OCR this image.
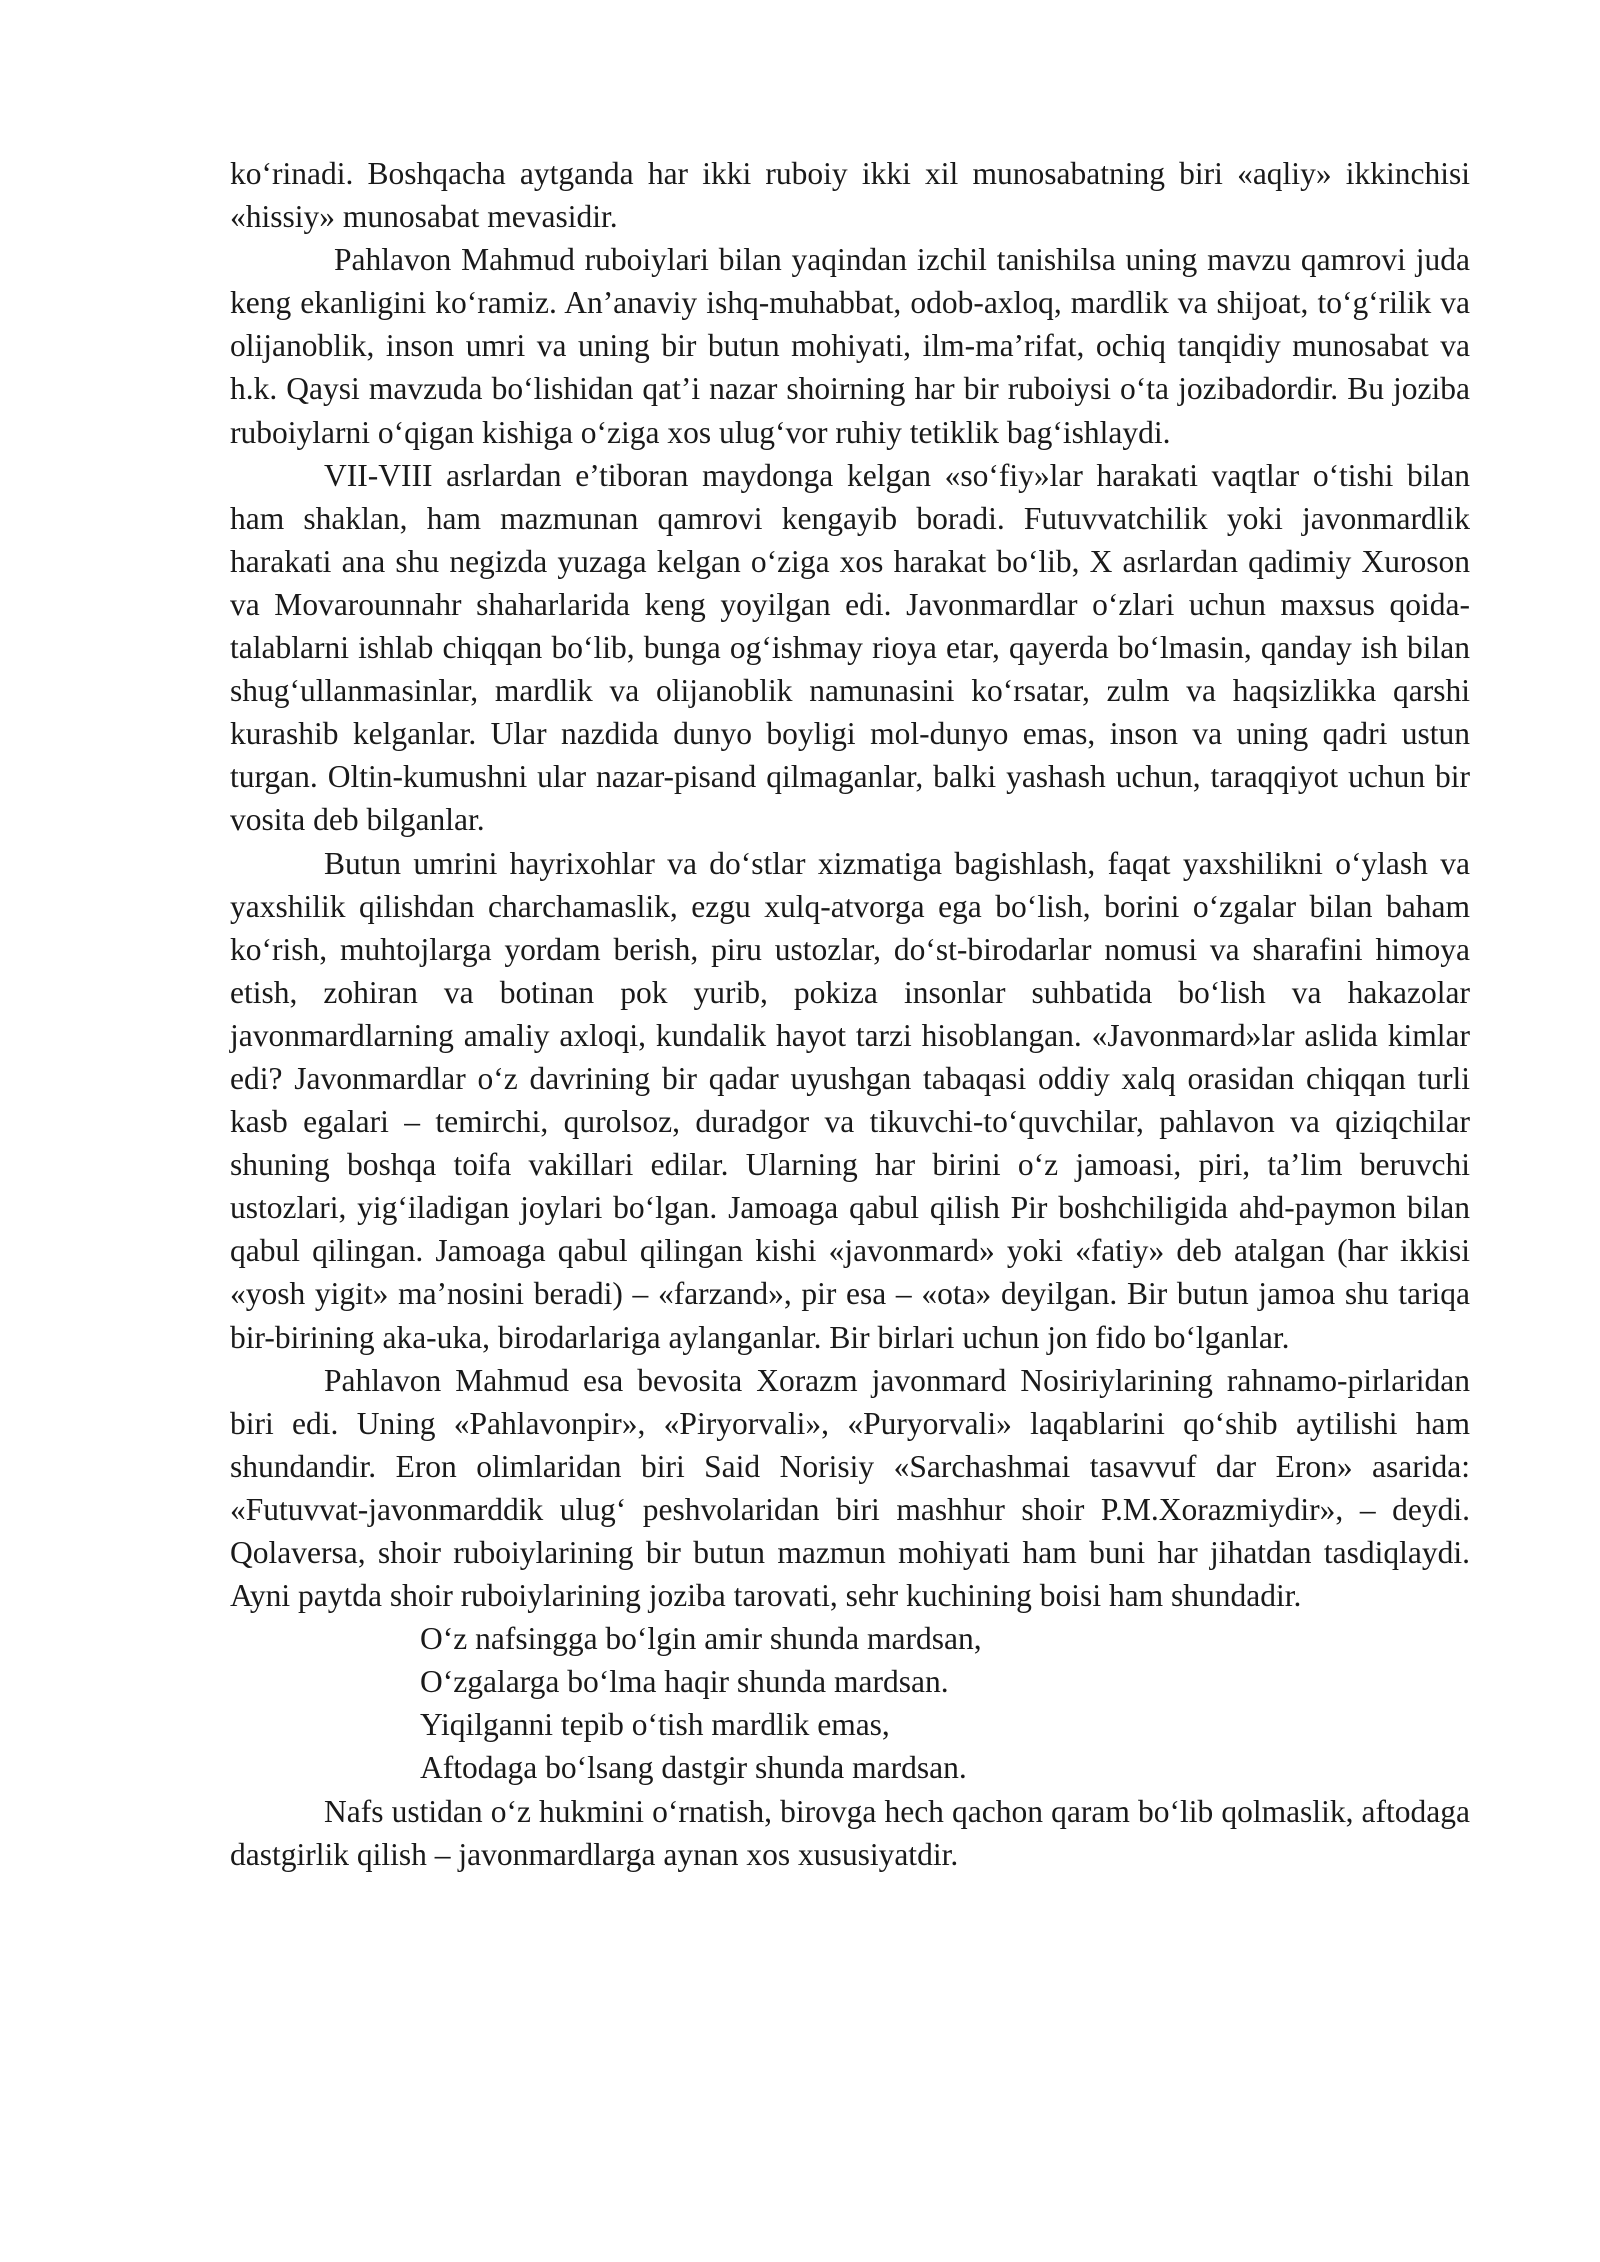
ko‘rinadi. Boshqacha aytganda har ikki ruboiy ikki xil munosabatning biri «aqliy» ikkinchisi «hissiy» munosabat mevasidir.

Pahlavon Mahmud ruboiylari bilan yaqindan izchil tanishilsa uning mavzu qamrovi juda keng ekanligini ko‘ramiz. An’anaviy ishq-muhabbat, odob-axloq, mardlik va shijoat, to‘g‘rilik va olijanoblik, inson umri va uning bir butun mohiyati, ilm-ma’rifat, ochiq tanqidiy munosabat va h.k. Qaysi mavzuda bo‘lishidan qat’i nazar shoirning har bir ruboiysi o‘ta jozibadordir. Bu joziba ruboiylarni o‘qigan kishiga o‘ziga xos ulug‘vor ruhiy tetiklik bag‘ishlaydi.

VII-VIII asrlardan e’tiboran maydonga kelgan «so‘fiy»lar harakati vaqtlar o‘tishi bilan ham shaklan, ham mazmunan qamrovi kengayib boradi. Futuvvatchilik yoki javonmardlik harakati ana shu negizda yuzaga kelgan o‘ziga xos harakat bo‘lib, X asrlardan qadimiy Xuroson va Movarounnahr shaharlarida keng yoyilgan edi. Javonmardlar o‘zlari uchun maxsus qoida-talablarni ishlab chiqqan bo‘lib, bunga og‘ishmay rioya etar, qayerda bo‘lmasin, qanday ish bilan shug‘ullanmasinlar, mardlik va olijanoblik namunasini ko‘rsatar, zulm va haqsizlikka qarshi kurashib kelganlar. Ular nazdida dunyo boyligi mol-dunyo emas, inson va uning qadri ustun turgan. Oltin-kumushni ular nazar-pisand qilmaganlar, balki yashash uchun, taraqqiyot uchun bir vosita deb bilganlar.

Butun umrini hayrixohlar va do‘stlar xizmatiga bagishlash, faqat yaxshilikni o‘ylash va yaxshilik qilishdan charchamaslik, ezgu xulq-atvorga ega bo‘lish, borini o‘zgalar bilan baham ko‘rish, muhtojlarga yordam berish, piru ustozlar, do‘st-birodarlar nomusi va sharafini himoya etish, zohiran va botinan pok yurib, pokiza insonlar suhbatida bo‘lish va hakazolar javonmardlarning amaliy axloqi, kundalik hayot tarzi hisoblangan. «Javonmard»lar aslida kimlar edi? Javonmardlar o‘z davrining bir qadar uyushgan tabaqasi oddiy xalq orasidan chiqqan turli kasb egalari – temirchi, qurolsoz, duradgor va tikuvchi-to‘quvchilar, pahlavon va qiziqchilar shuning boshqa toifa vakillari edilar. Ularning har birini o‘z jamoasi, piri, ta’lim beruvchi ustozlari, yig‘iladigan joylari bo‘lgan. Jamoaga qabul qilish Pir boshchiligida ahd-paymon bilan qabul qilingan. Jamoaga qabul qilingan kishi «javonmard» yoki «fatiy» deb atalgan (har ikkisi «yosh yigit» ma’nosini beradi) – «farzand», pir esa – «ota» deyilgan. Bir butun jamoa shu tariqa bir-birining aka-uka, birodarlariga aylanganlar. Bir birlari uchun jon fido bo‘lganlar.

Pahlavon Mahmud esa bevosita Xorazm javonmard Nosiriylarining rahnamo-pirlaridan biri edi. Uning «Pahlavonpir», «Piryorvali», «Puryorvali» laqablarini qo‘shib aytilishi ham shundandir. Eron olimlaridan biri Said Norisiy «Sarchashmai tasavvuf dar Eron» asarida: «Futuvvat-javonmarddik ulug‘ peshvolaridan biri mashhur shoir P.M.Xorazmiydir», – deydi. Qolaversa, shoir ruboiylarining bir butun mazmun mohiyati ham buni har jihatdan tasdiqlaydi. Ayni paytda shoir ruboiylarining joziba tarovati, sehr kuchining boisi ham shundadir.

O‘z nafsingga bo‘lgin amir shunda mardsan,
O‘zgalarga bo‘lma haqir shunda mardsan.
Yiqilganni tepib o‘tish mardlik emas,
Aftodaga bo‘lsang dastgir shunda mardsan.

Nafs ustidan o‘z hukmini o‘rnatish, birovga hech qachon qaram bo‘lib qolmaslik, aftodaga dastgirlik qilish – javonmardlarga aynan xos xususiyatdir.
